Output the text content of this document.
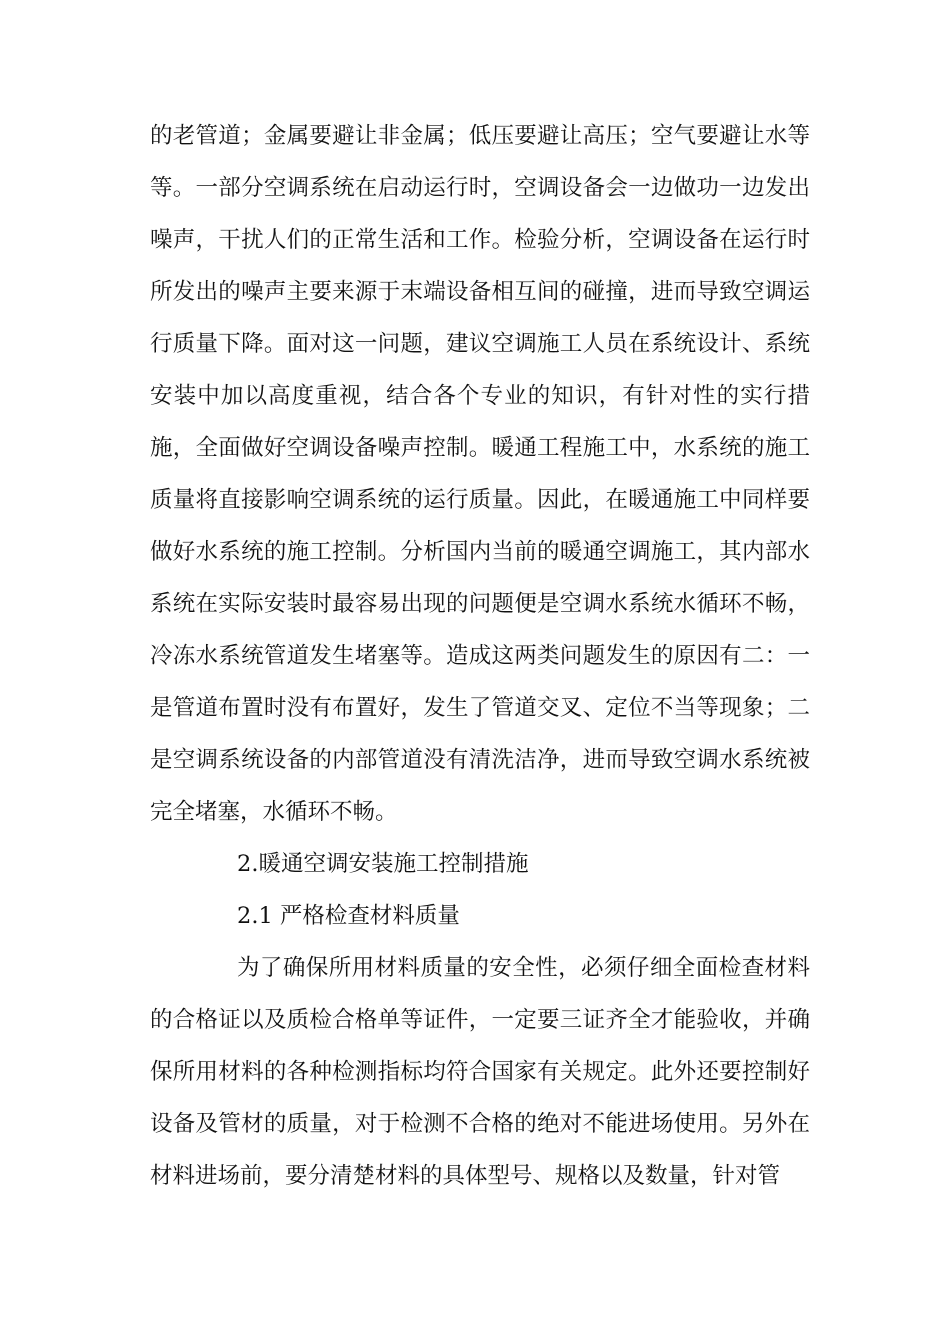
的老管道；金属要避让非金属；低压要避让高压；空气要避让水等
等。一部分空调系统在启动运行时，空调设备会一边做功一边发出
噪声，干扰人们的正常生活和工作。检验分析，空调设备在运行时
所发出的噪声主要来源于末端设备相互间的碰撞，进而导致空调运
行质量下降。面对这一问题，建议空调施工人员在系统设计、系统
安装中加以高度重视，结合各个专业的知识，有针对性的实行措
施，全面做好空调设备噪声控制。暖通工程施工中，水系统的施工
质量将直接影响空调系统的运行质量。因此，在暖通施工中同样要
做好水系统的施工控制。分析国内当前的暖通空调施工，其内部水
系统在实际安装时最容易出现的问题便是空调水系统水循环不畅，
冷冻水系统管道发生堵塞等。造成这两类问题发生的原因有二：一
是管道布置时没有布置好，发生了管道交叉、定位不当等现象；二
是空调系统设备的内部管道没有清洗洁净，进而导致空调水系统被
完全堵塞，水循环不畅。
2.暖通空调安装施工控制措施
2.1 严格检查材料质量
为了确保所用材料质量的安全性，必须仔细全面检查材料
的合格证以及质检合格单等证件，一定要三证齐全才能验收，并确
保所用材料的各种检测指标均符合国家有关规定。此外还要控制好
设备及管材的质量，对于检测不合格的绝对不能进场使用。另外在
材料进场前，要分清楚材料的具体型号、规格以及数量，针对管
